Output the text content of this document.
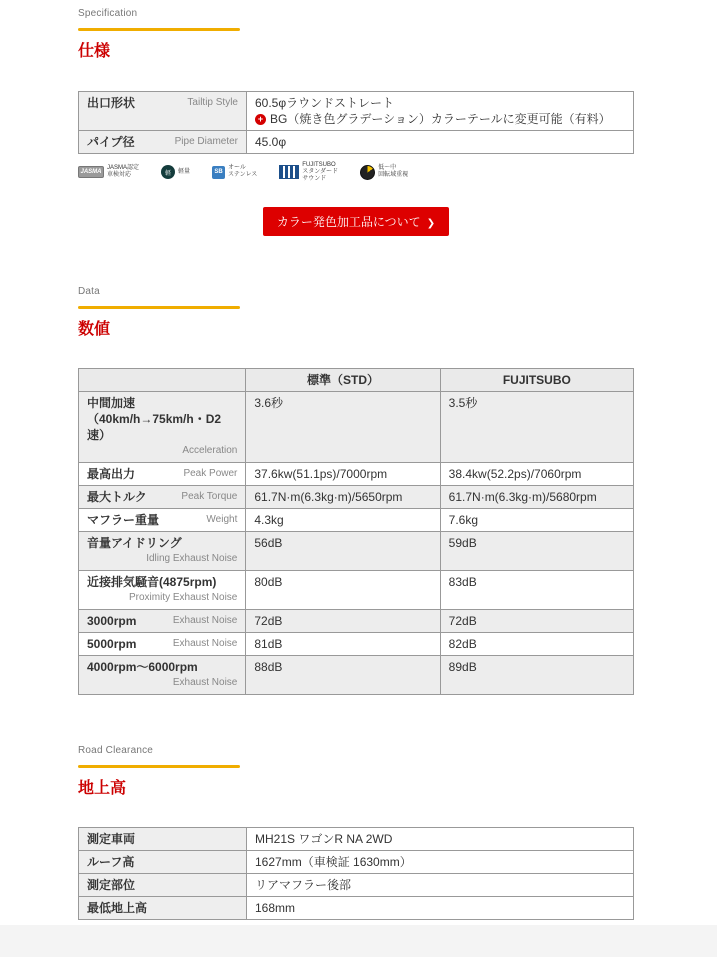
Specification
仕様
出口形状	Tailtip Style	60.5φラウンドストレート
+ BG（焼き色グラデーション）カラーテールに変更可能（有料）

パイプ径 Pipe Diameter	45.0φ
JASMA
JASMA認定
車検対応	軽	軽量	SB
オール
ステンレス
FUJITSUBO
スタンダード
サウンド
低〜中
回転域重視
カラー発色加工品について ❯
Data
数値
	標準（STD）	FUJITSUBO

中間加速（40km/h→75km/h・D2速）
Acceleration	3.6秒	3.5秒

最高出力 Peak Power	37.6kw(51.1ps)/7000rpm	38.4kw(52.2ps)/7060rpm

最大トルク Peak Torque	61.7N·m(6.3kg·m)/5650rpm	61.7N·m(6.3kg·m)/5680rpm

マフラー重量 Weight	4.3kg	7.6kg

音量アイドリング
Idling Exhaust Noise	56dB	59dB

近接排気騒音(4875rpm)
Proximity Exhaust Noise	80dB	83dB

3000rpm Exhaust Noise	72dB	72dB

5000rpm Exhaust Noise	81dB	82dB

4000rpm〜6000rpm
Exhaust Noise	88dB	89dB
Road Clearance
地上高
測定車両	MH21S ワゴンR NA 2WD
ルーフ高	1627mm（車検証 1630mm）
測定部位	リアマフラー後部
最低地上高	168mm
